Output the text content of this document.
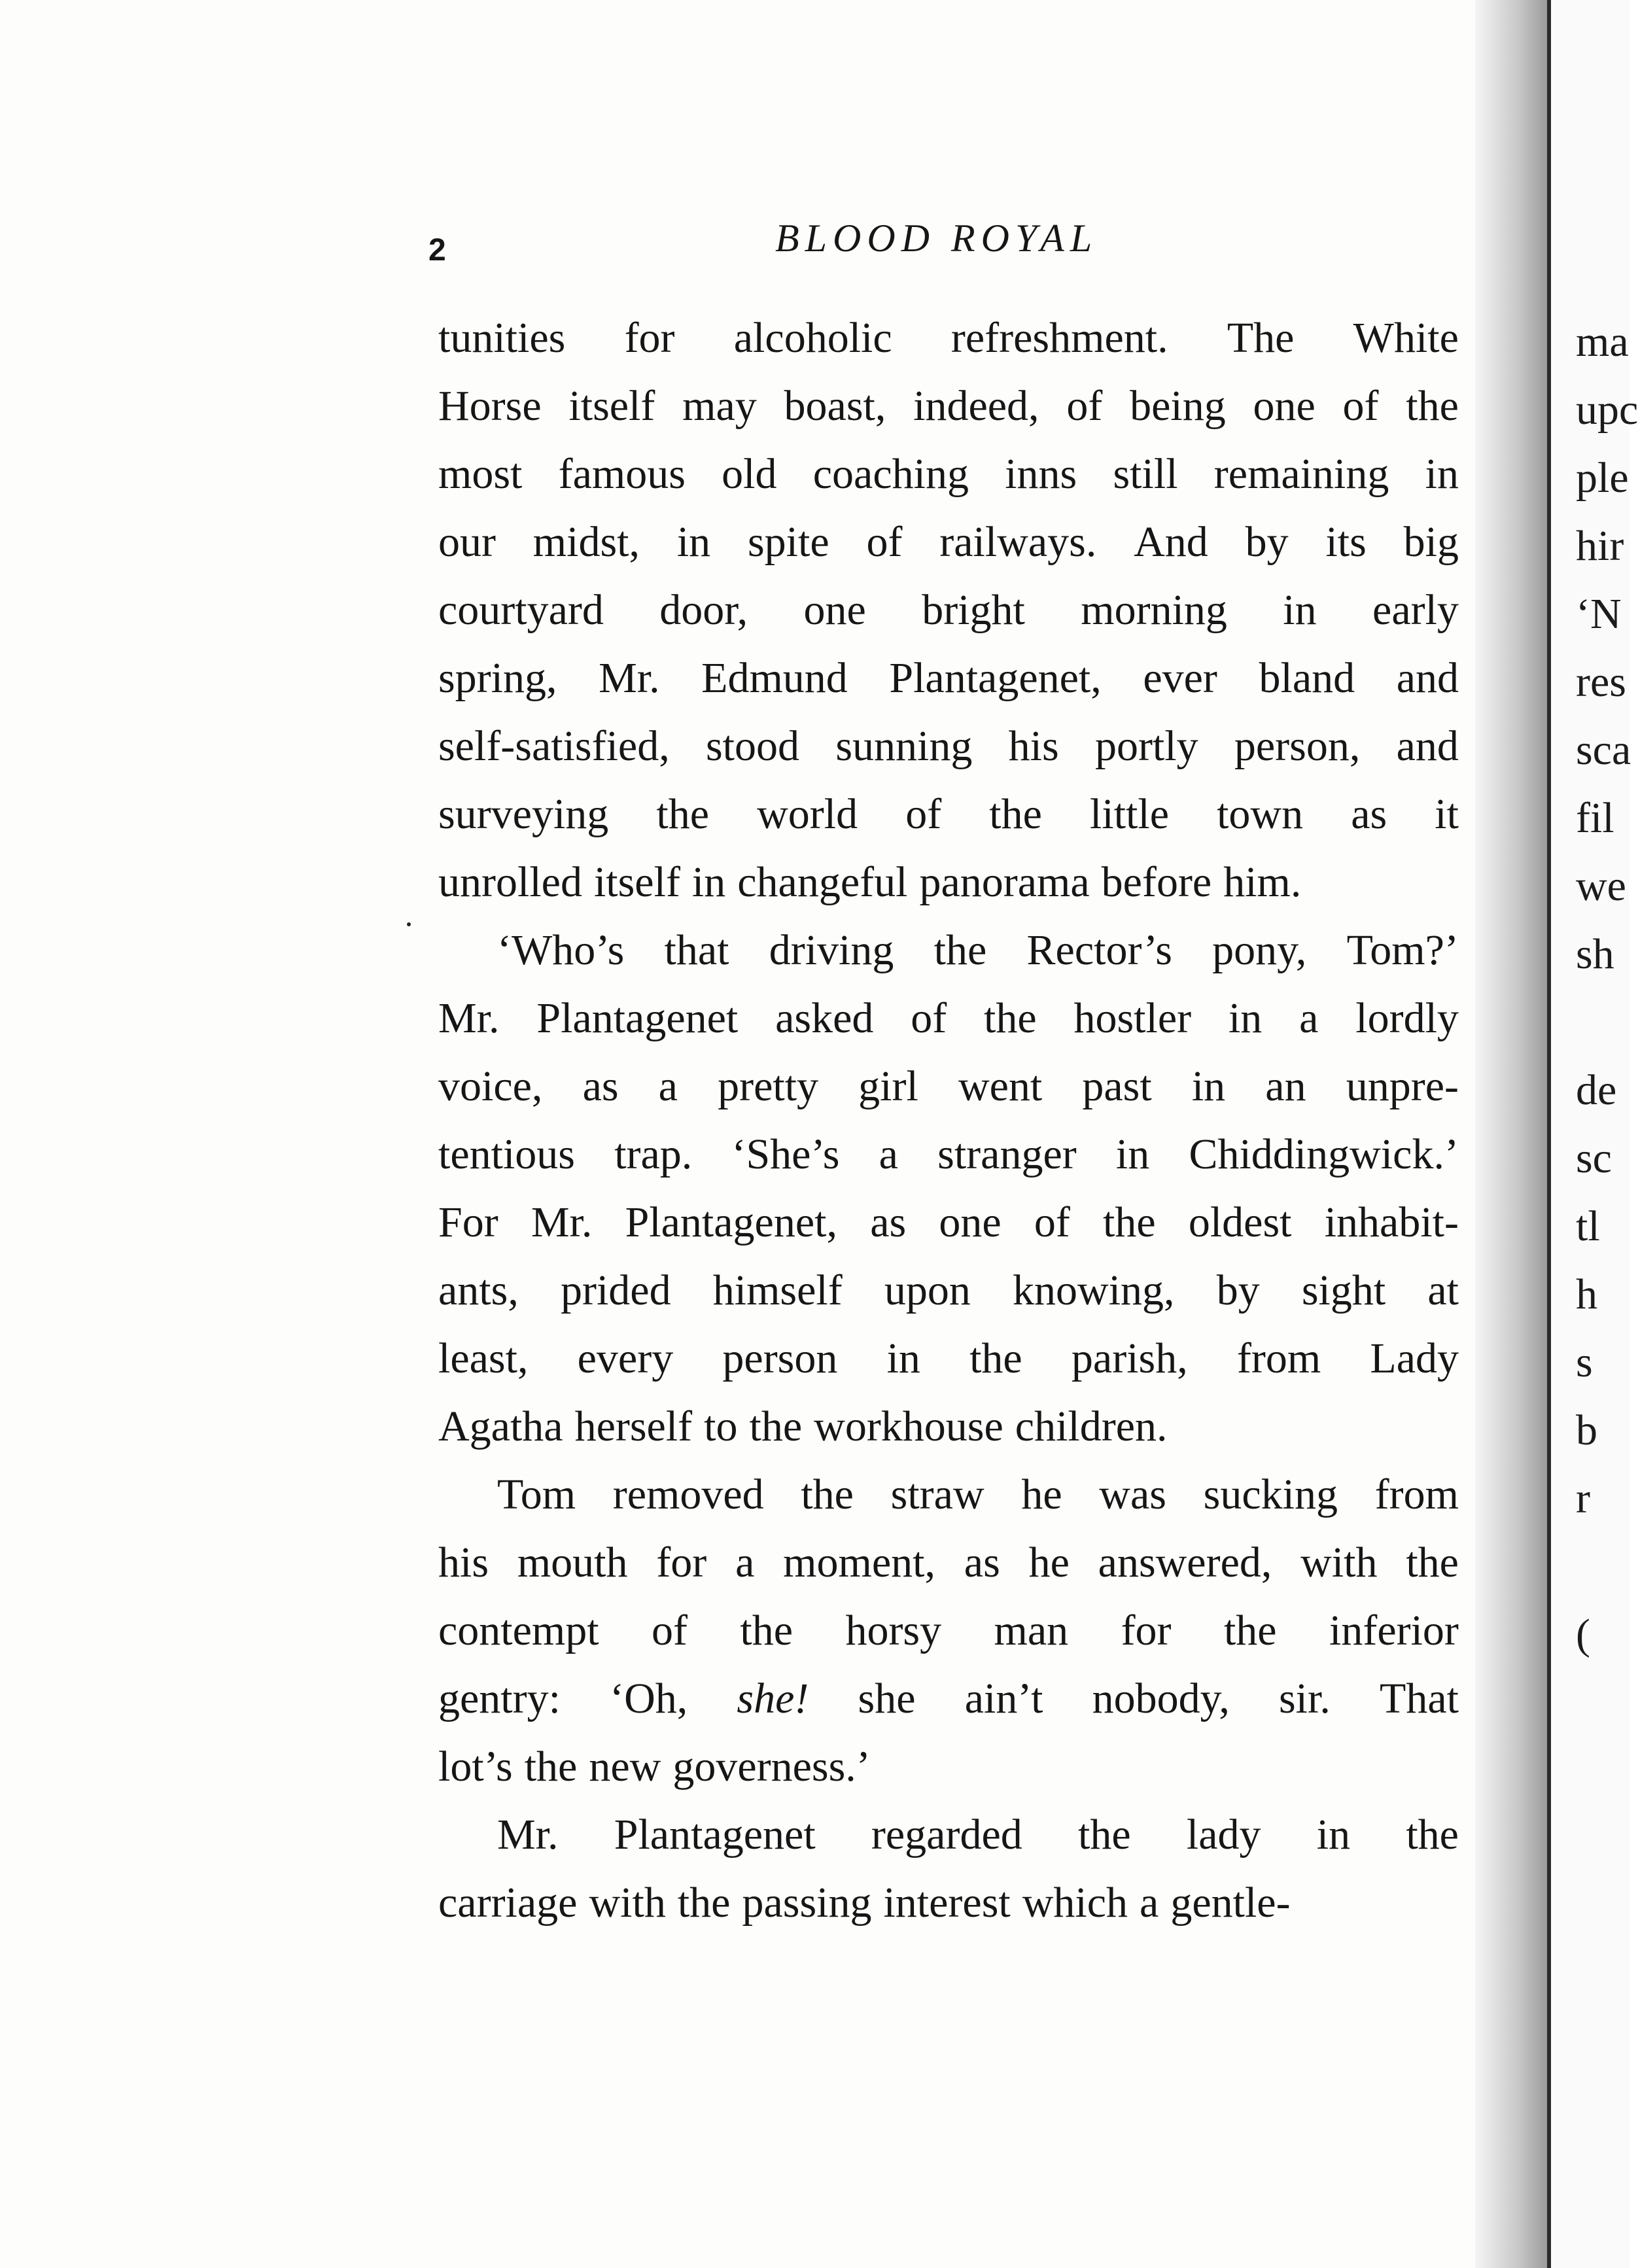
ma
upc
ple
hir
‘N
res
sca
fil
we
sh
de
sc
tl
h
s
b
r
(
2	BLOOD ROYAL
tunities for alcoholic refreshment. The White
Horse itself may boast, indeed, of being one of the
most famous old coaching inns still remaining in
our midst, in spite of railways. And by its big
courtyard door, one bright morning in early
spring, Mr. Edmund Plantagenet, ever bland and
self-satisfied, stood sunning his portly person, and
surveying the world of the little town as it
unrolled itself in changeful panorama before him.
‘Who’s that driving the Rector’s pony, Tom?’
Mr. Plantagenet asked of the hostler in a lordly
voice, as a pretty girl went past in an unpre-
tentious trap. ‘She’s a stranger in Chiddingwick.’
For Mr. Plantagenet, as one of the oldest inhabit-
ants, prided himself upon knowing, by sight at
least, every person in the parish, from Lady
Agatha herself to the workhouse children.
Tom removed the straw he was sucking from
his mouth for a moment, as he answered, with the
contempt of the horsy man for the inferior
gentry: ‘Oh, she! she ain’t nobody, sir. That
lot’s the new governess.’
Mr. Plantagenet regarded the lady in the
carriage with the passing interest which a gentle-
